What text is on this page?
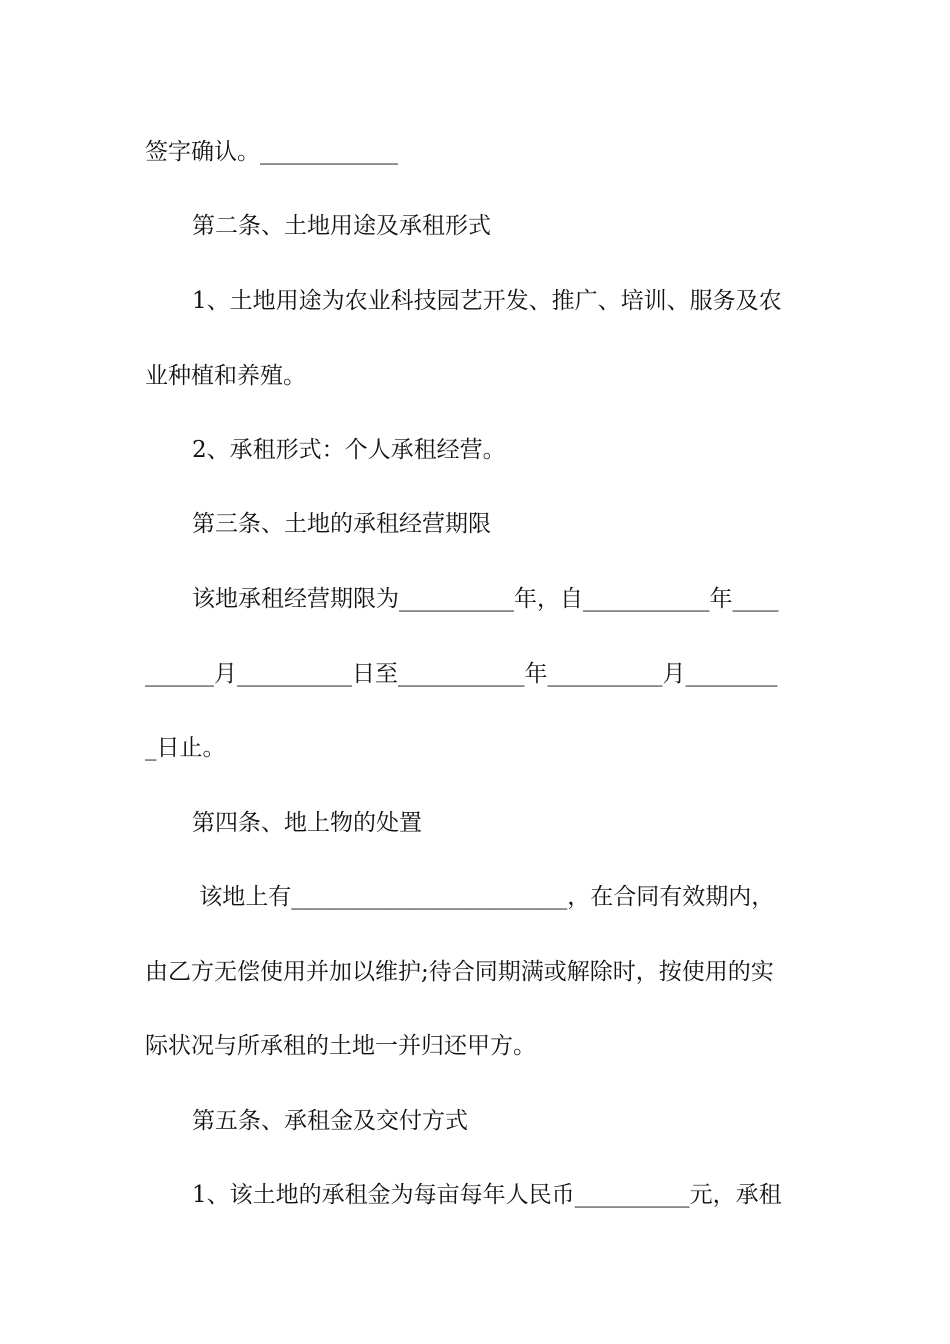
签字确认。____________
第二条、土地用途及承租形式
1、土地用途为农业科技园艺开发、推广、培训、服务及农
业种植和养殖。
2、承租形式：个人承租经营。
第三条、土地的承租经营期限
该地承租经营期限为__________年，自___________年____
______月__________日至___________年__________月________
_日止。
第四条、地上物的处置
该地上有________________________，在合同有效期内，
由乙方无偿使用并加以维护;待合同期满或解除时，按使用的实
际状况与所承租的土地一并归还甲方。
第五条、承租金及交付方式
1、该土地的承租金为每亩每年人民币__________元，承租
